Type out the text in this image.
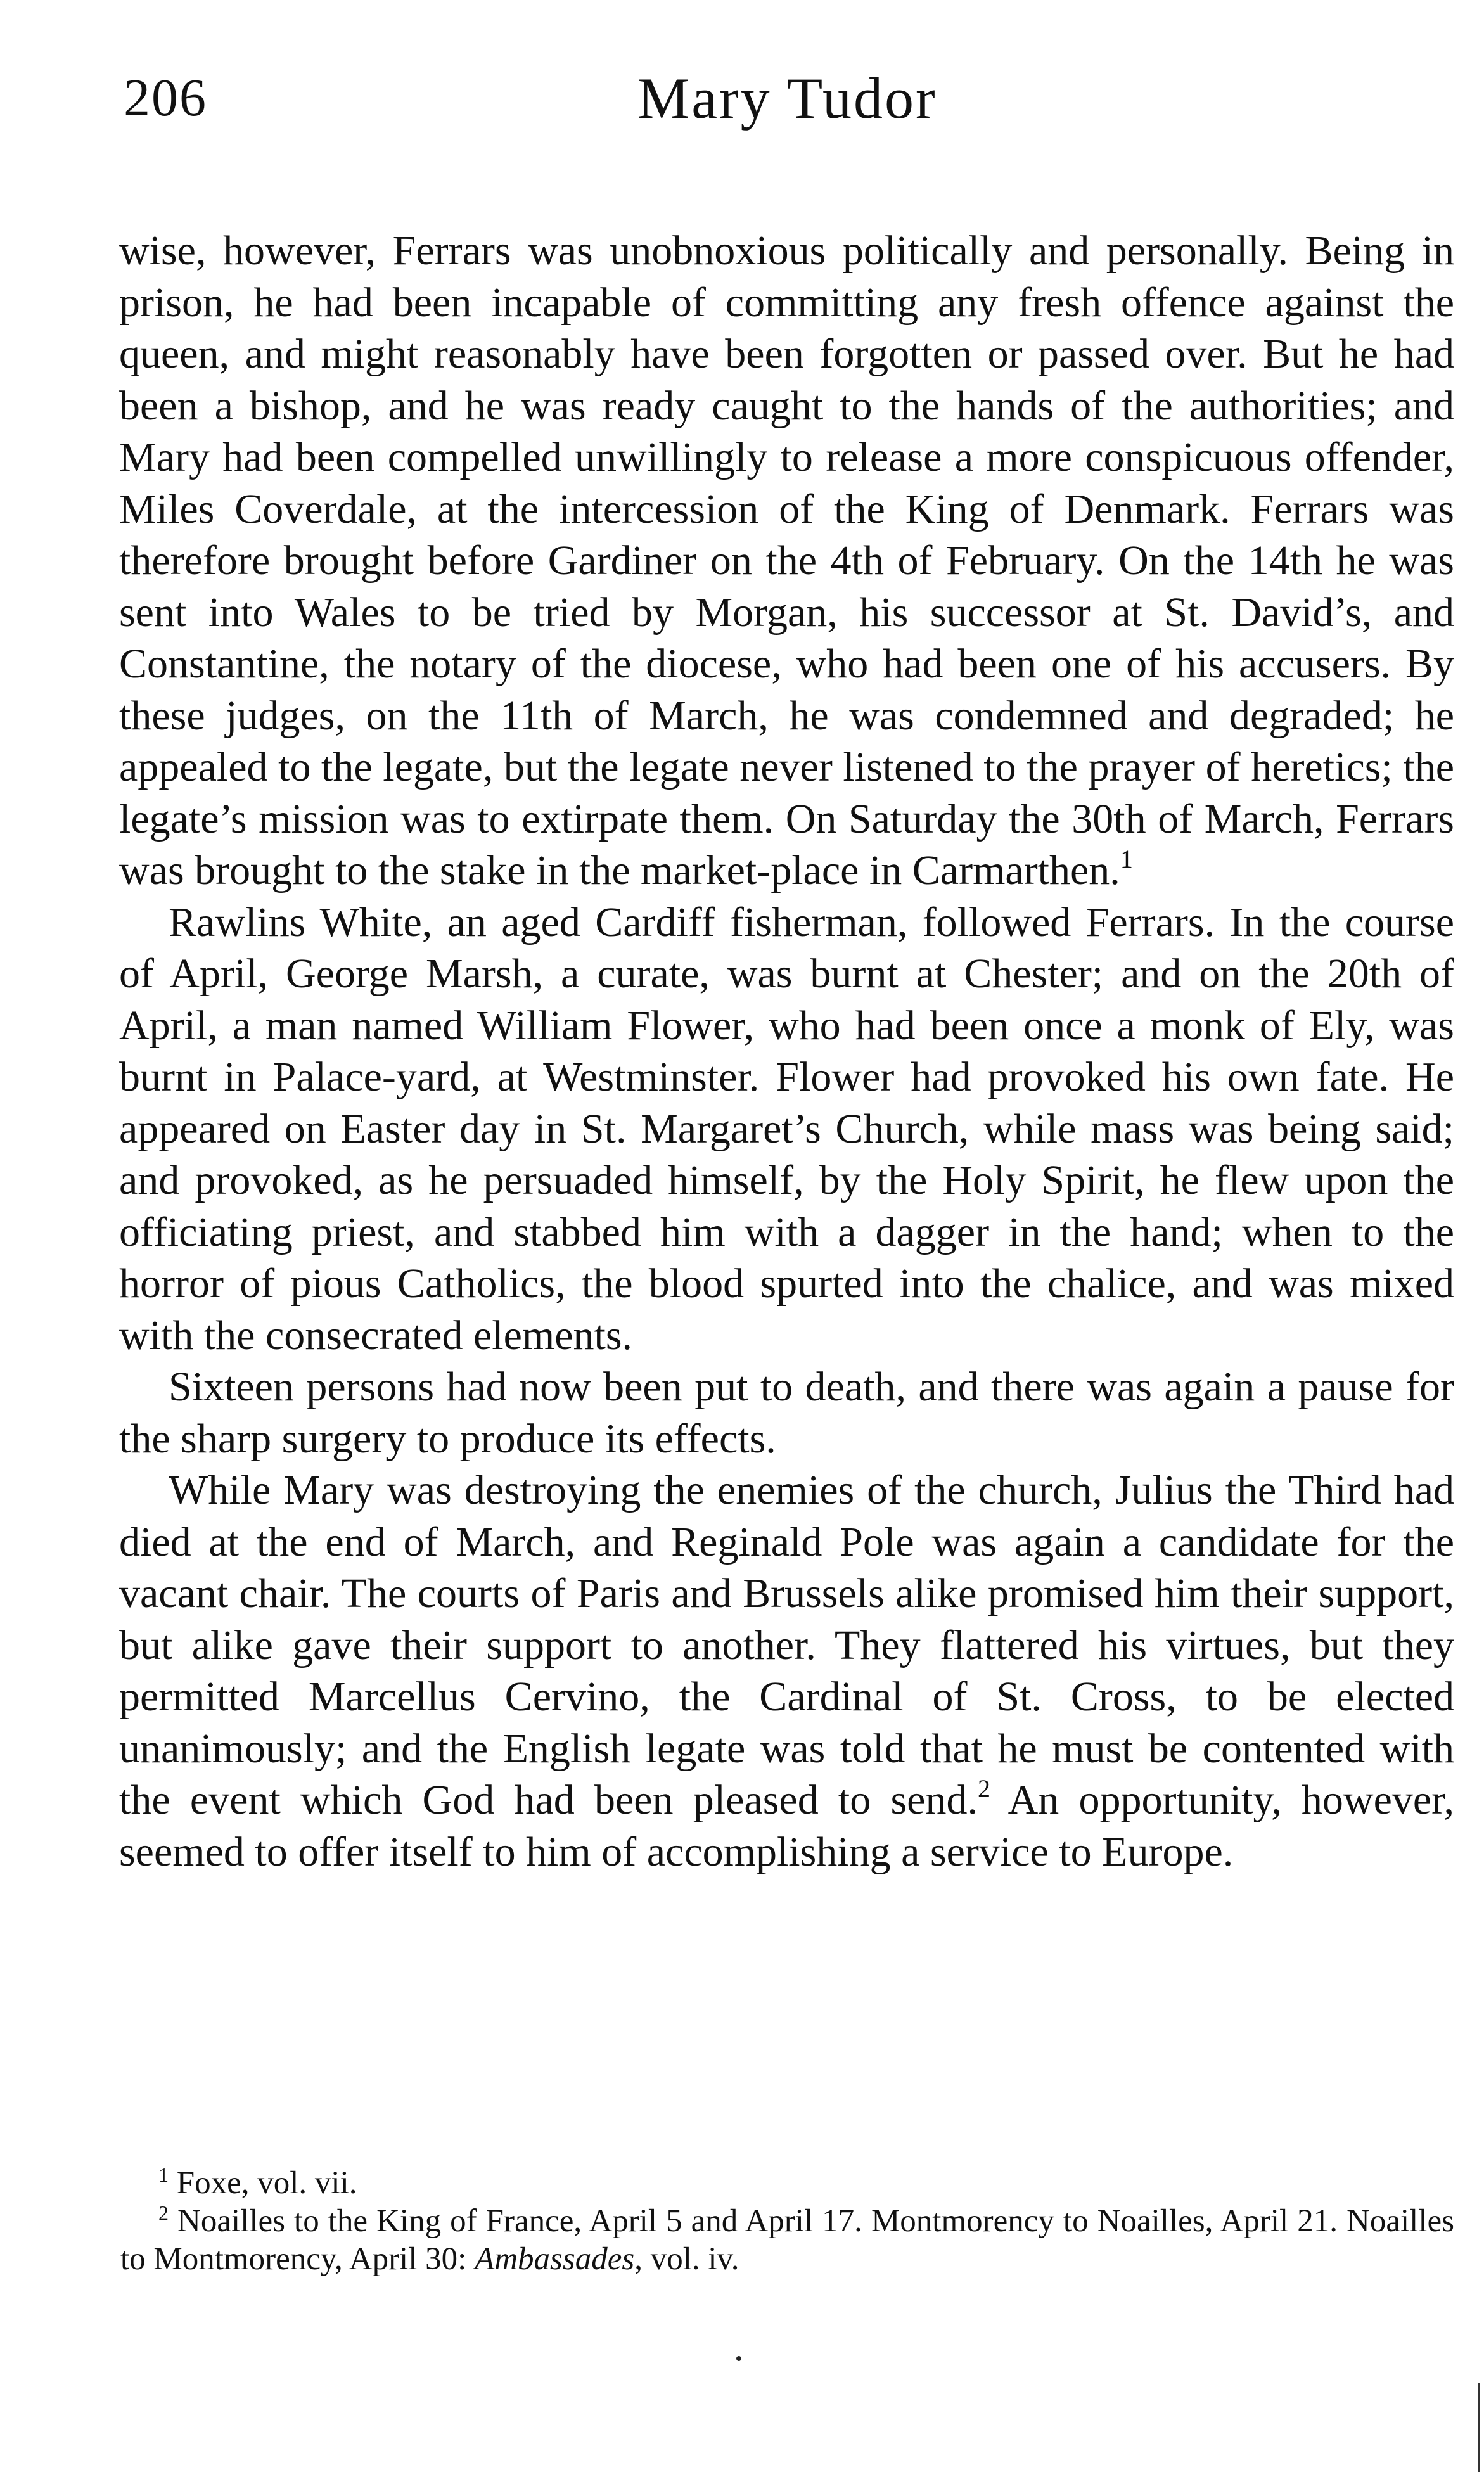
206	Mary Tudor

wise, however, Ferrars was unobnoxious politically and personally. Being in prison, he had been incapable of committing any fresh offence against the queen, and might reasonably have been forgotten or passed over. But he had been a bishop, and he was ready caught to the hands of the authorities; and Mary had been compelled unwillingly to release a more conspicuous offender, Miles Coverdale, at the intercession of the King of Denmark. Ferrars was therefore brought before Gardiner on the 4th of February. On the 14th he was sent into Wales to be tried by Morgan, his successor at St. David’s, and Constantine, the notary of the diocese, who had been one of his accusers. By these judges, on the 11th of March, he was condemned and degraded; he appealed to the legate, but the legate never listened to the prayer of heretics; the legate’s mission was to extirpate them. On Saturday the 30th of March, Ferrars was brought to the stake in the market-place in Carmarthen.$^1$

Rawlins White, an aged Cardiff fisherman, followed Ferrars. In the course of April, George Marsh, a curate, was burnt at Chester; and on the 20th of April, a man named William Flower, who had been once a monk of Ely, was burnt in Palace-yard, at Westminster. Flower had provoked his own fate. He appeared on Easter day in St. Margaret’s Church, while mass was being said; and provoked, as he persuaded himself, by the Holy Spirit, he flew upon the officiating priest, and stabbed him with a dagger in the hand; when to the horror of pious Catholics, the blood spurted into the chalice, and was mixed with the consecrated elements.

Sixteen persons had now been put to death, and there was again a pause for the sharp surgery to produce its effects.

While Mary was destroying the enemies of the church, Julius the Third had died at the end of March, and Reginald Pole was again a candidate for the vacant chair. The courts of Paris and Brussels alike promised him their support, but alike gave their support to another. They flattered his virtues, but they permitted Marcellus Cervino, the Cardinal of St. Cross, to be elected unanimously; and the English legate was told that he must be contented with the event which God had been pleased to send.$^2$ An opportunity, however, seemed to offer itself to him of accomplishing a service to Europe.

$^1$ Foxe, vol. vii.

$^2$ Noailles to the King of France, April 5 and April 17. Montmorency to Noailles, April 21. Noailles to Montmorency, April 30: Ambassades, vol. iv.
